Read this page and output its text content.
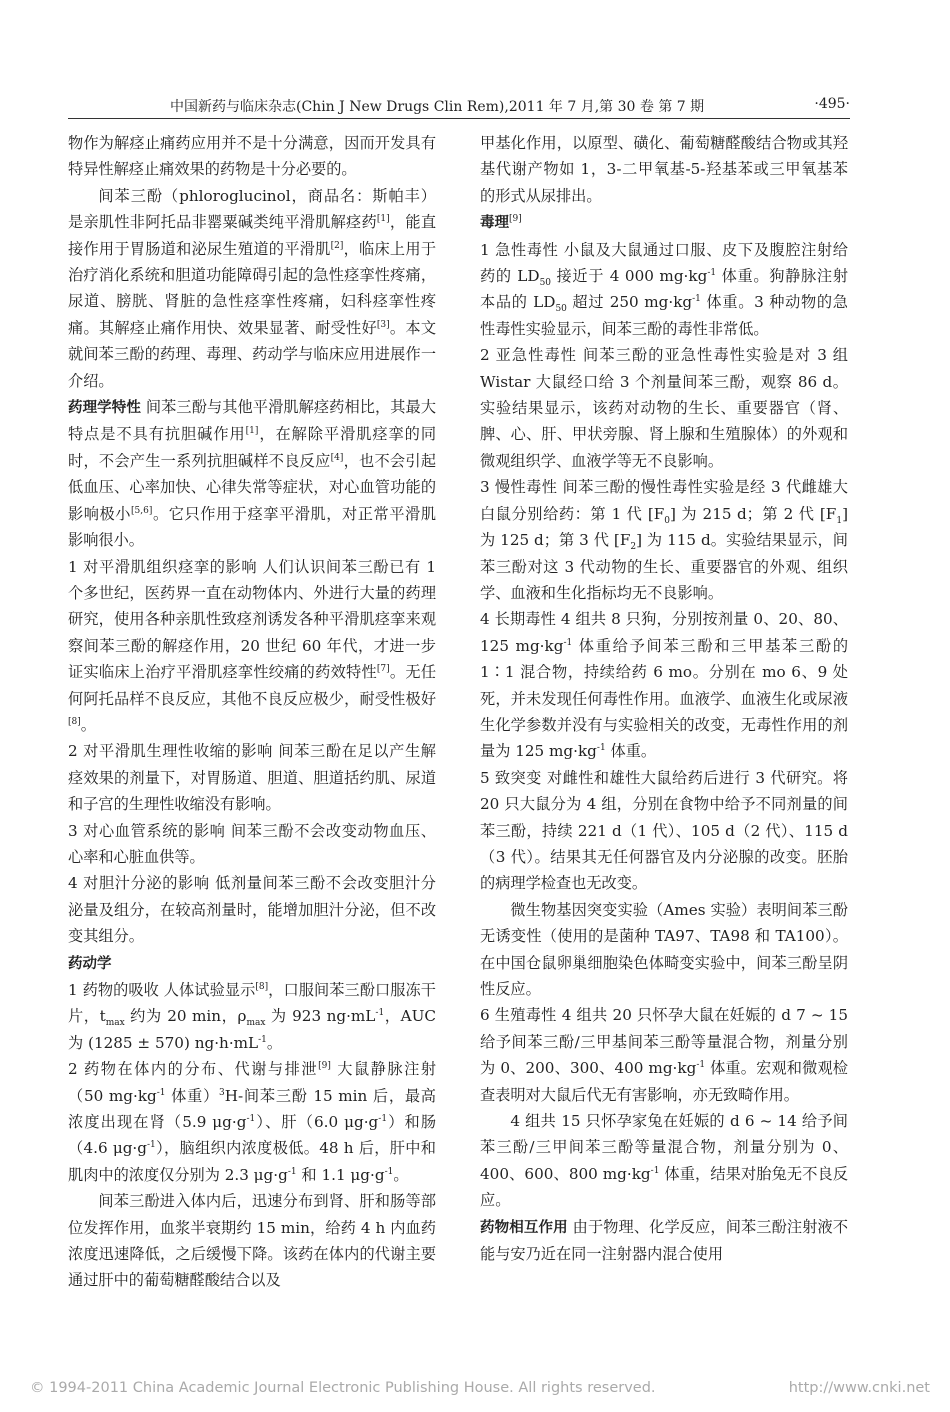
中国新药与临床杂志(Chin J New Drugs Clin Rem),2011 年 7 月,第 30 卷 第 7 期	·495·

物作为解痉止痛药应用并不是十分满意，因而开发具有特异性解痉止痛效果的药物是十分必要的。

间苯三酚（phloroglucinol，商品名：斯帕丰）是亲肌性非阿托品非罂粟碱类纯平滑肌解痉药[1]，能直接作用于胃肠道和泌尿生殖道的平滑肌[2]，临床上用于治疗消化系统和胆道功能障碍引起的急性痉挛性疼痛，尿道、膀胱、肾脏的急性痉挛性疼痛，妇科痉挛性疼痛。其解痉止痛作用快、效果显著、耐受性好[3]。本文就间苯三酚的药理、毒理、药动学与临床应用进展作一介绍。

药理学特性 间苯三酚与其他平滑肌解痉药相比，其最大特点是不具有抗胆碱作用[1]，在解除平滑肌痉挛的同时，不会产生一系列抗胆碱样不良反应[4]，也不会引起低血压、心率加快、心律失常等症状，对心血管功能的影响极小[5,6]。它只作用于痉挛平滑肌，对正常平滑肌影响很小。

1 对平滑肌组织痉挛的影响 人们认识间苯三酚已有 1 个多世纪，医药界一直在动物体内、外进行大量的药理研究，使用各种亲肌性致痉剂诱发各种平滑肌痉挛来观察间苯三酚的解痉作用，20 世纪 60 年代，才进一步证实临床上治疗平滑肌痉挛性绞痛的药效特性[7]。无任何阿托品样不良反应，其他不良反应极少，耐受性极好[8]。

2 对平滑肌生理性收缩的影响 间苯三酚在足以产生解痉效果的剂量下，对胃肠道、胆道、胆道括约肌、尿道和子宫的生理性收缩没有影响。

3 对心血管系统的影响 间苯三酚不会改变动物血压、心率和心脏血供等。

4 对胆汁分泌的影响 低剂量间苯三酚不会改变胆汁分泌量及组分，在较高剂量时，能增加胆汁分泌，但不改变其组分。

药动学

1 药物的吸收 人体试验显示[8]，口服间苯三酚口服冻干片，$t_{max}$ 约为 20 min，$\rho_{max}$ 为 923 $ng\cdot mL^{-1}$，AUC 为 (1285 ± 570) $ng\cdot h\cdot mL^{-1}$。

2 药物在体内的分布、代谢与排泄[9] 大鼠静脉注射（50 $mg\cdot kg^{-1}$ 体重）$^3$H-间苯三酚 15 min 后，最高浓度出现在肾（5.9 $\mu g\cdot g^{-1}$）、肝（6.0 $\mu g\cdot g^{-1}$）和肠（4.6 $\mu g\cdot g^{-1}$），脑组织内浓度极低。48 h 后，肝中和肌肉中的浓度仅分别为 2.3 $\mu g\cdot g^{-1}$ 和 1.1 $\mu g\cdot g^{-1}$。

间苯三酚进入体内后，迅速分布到肾、肝和肠等部位发挥作用，血浆半衰期约 15 min，给药 4 h 内血药浓度迅速降低，之后缓慢下降。该药在体内的代谢主要通过肝中的葡萄糖醛酸结合以及

甲基化作用，以原型、磺化、葡萄糖醛酸结合物或其羟基代谢产物如 1，3-二甲氧基-5-羟基苯或三甲氧基苯的形式从尿排出。

毒理[9]

1 急性毒性 小鼠及大鼠通过口服、皮下及腹腔注射给药的 $LD_{50}$ 接近于 4 000 $mg\cdot kg^{-1}$ 体重。狗静脉注射本品的 $LD_{50}$ 超过 250 $mg\cdot kg^{-1}$ 体重。3 种动物的急性毒性实验显示，间苯三酚的毒性非常低。

2 亚急性毒性 间苯三酚的亚急性毒性实验是对 3 组 Wistar 大鼠经口给 3 个剂量间苯三酚，观察 86 d。实验结果显示，该药对动物的生长、重要器官（肾、脾、心、肝、甲状旁腺、肾上腺和生殖腺体）的外观和微观组织学、血液学等无不良影响。

3 慢性毒性 间苯三酚的慢性毒性实验是经 3 代雌雄大白鼠分别给药：第 1 代 $[F_0]$ 为 215 d；第 2 代 $[F_1]$ 为 125 d；第 3 代 $[F_2]$ 为 115 d。实验结果显示，间苯三酚对这 3 代动物的生长、重要器官的外观、组织学、血液和生化指标均无不良影响。

4 长期毒性 4 组共 8 只狗，分别按剂量 0、20、80、125 $mg\cdot kg^{-1}$ 体重给予间苯三酚和三甲基苯三酚的 1∶1 混合物，持续给药 6 mo。分别在 mo 6、9 处死，并未发现任何毒性作用。血液学、血液生化或尿液生化学参数并没有与实验相关的改变，无毒性作用的剂量为 125 $mg\cdot kg^{-1}$ 体重。

5 致突变 对雌性和雄性大鼠给药后进行 3 代研究。将 20 只大鼠分为 4 组，分别在食物中给予不同剂量的间苯三酚，持续 221 d（1 代）、105 d（2 代）、115 d（3 代）。结果其无任何器官及内分泌腺的改变。胚胎的病理学检查也无改变。

微生物基因突变实验（Ames 实验）表明间苯三酚无诱变性（使用的是菌种 TA97、TA98 和 TA100）。在中国仓鼠卵巢细胞染色体畸变实验中，间苯三酚呈阴性反应。

6 生殖毒性 4 组共 20 只怀孕大鼠在妊娠的 d 7 ~ 15 给予间苯三酚/三甲基间苯三酚等量混合物，剂量分别为 0、200、300、400 $mg\cdot kg^{-1}$ 体重。宏观和微观检查表明对大鼠后代无有害影响，亦无致畸作用。

4 组共 15 只怀孕家兔在妊娠的 d 6 ~ 14 给予间苯三酚/三甲间苯三酚等量混合物，剂量分别为 0、400、600、800 $mg\cdot kg^{-1}$ 体重，结果对胎兔无不良反应。

药物相互作用 由于物理、化学反应，间苯三酚注射液不能与安乃近在同一注射器内混合使用

© 1994-2011 China Academic Journal Electronic Publishing House. All rights reserved.	http://www.cnki.net
